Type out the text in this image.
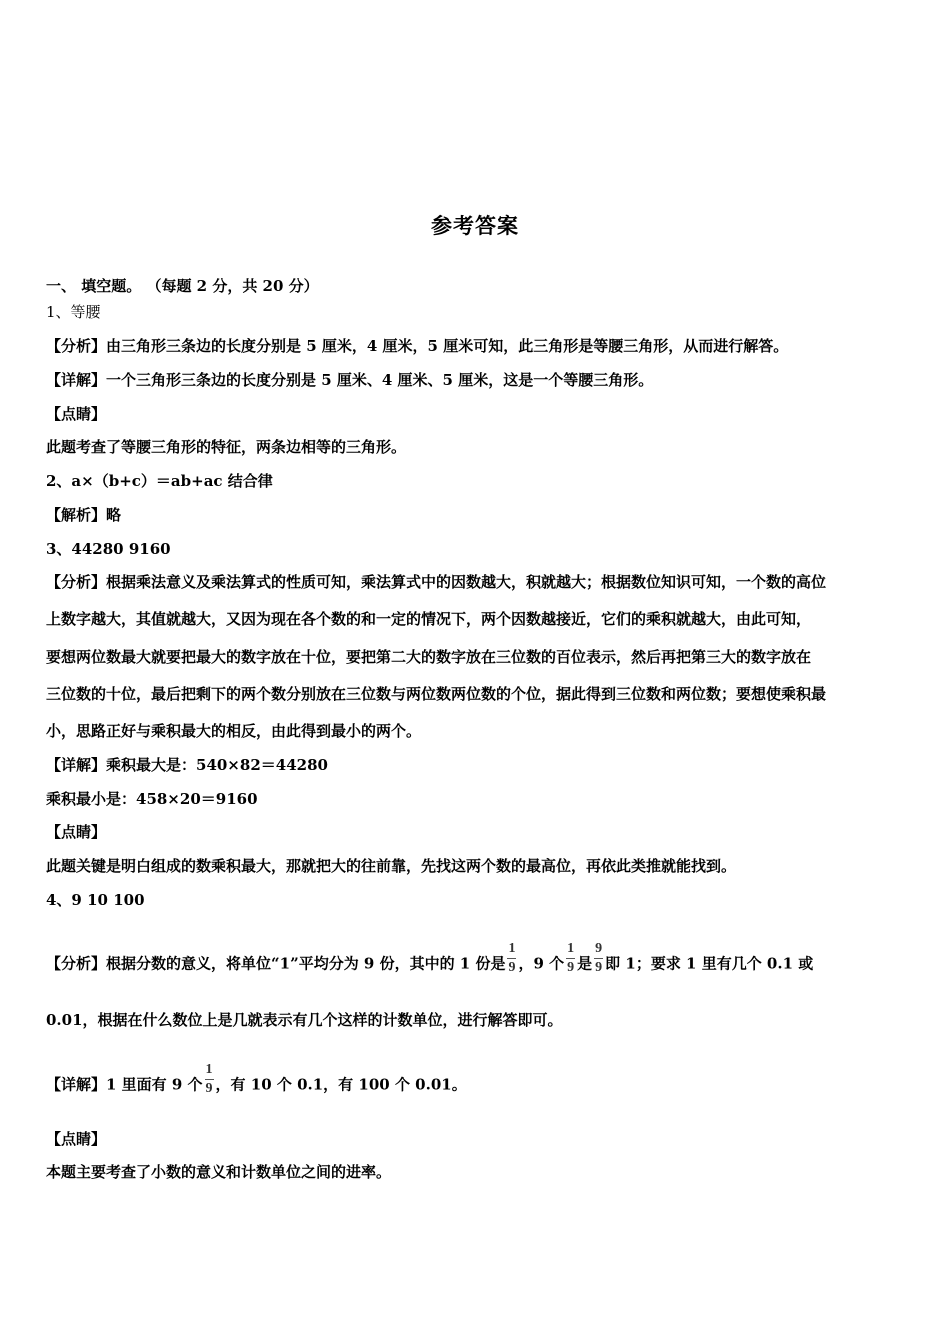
参考答案
一、 填空题。 （每题 2 分，共 20 分）
1、等腰
【分析】由三角形三条边的长度分别是 5 厘米，4 厘米，5 厘米可知，此三角形是等腰三角形，从而进行解答。
【详解】一个三角形三条边的长度分别是 5 厘米、4 厘米、5 厘米，这是一个等腰三角形。
【点睛】
此题考查了等腰三角形的特征，两条边相等的三角形。
2、a×（b+c）＝ab+ac 结合律
【解析】略
3、44280 9160
【分析】根据乘法意义及乘法算式的性质可知，乘法算式中的因数越大，积就越大；根据数位知识可知，一个数的高位
上数字越大，其值就越大，又因为现在各个数的和一定的情况下，两个因数越接近，它们的乘积就越大，由此可知，
要想两位数最大就要把最大的数字放在十位，要把第二大的数字放在三位数的百位表示，然后再把第三大的数字放在
三位数的十位，最后把剩下的两个数分别放在三位数与两位数两位数的个位，据此得到三位数和两位数；要想使乘积最
小，思路正好与乘积最大的相反，由此得到最小的两个。
【详解】乘积最大是：540×82＝44280
乘积最小是：458×20＝9160
【点睛】
此题关键是明白组成的数乘积最大，那就把大的往前靠，先找这两个数的最高位，再依此类推就能找到。
4、9 10 100
【分析】根据分数的意义，将单位“1”平均分为 9 份，其中的 1 份是 $\frac{1}{9}$ ，9 个 $\frac{1}{9}$ 是 $\frac{9}{9}$ 即 1；要求 1 里有几个 0.1 或
0.01，根据在什么数位上是几就表示有几个这样的计数单位，进行解答即可。
【详解】1 里面有 9 个 $\frac{1}{9}$ ，有 10 个 0.1，有 100 个 0.01。
【点睛】
本题主要考查了小数的意义和计数单位之间的进率。
